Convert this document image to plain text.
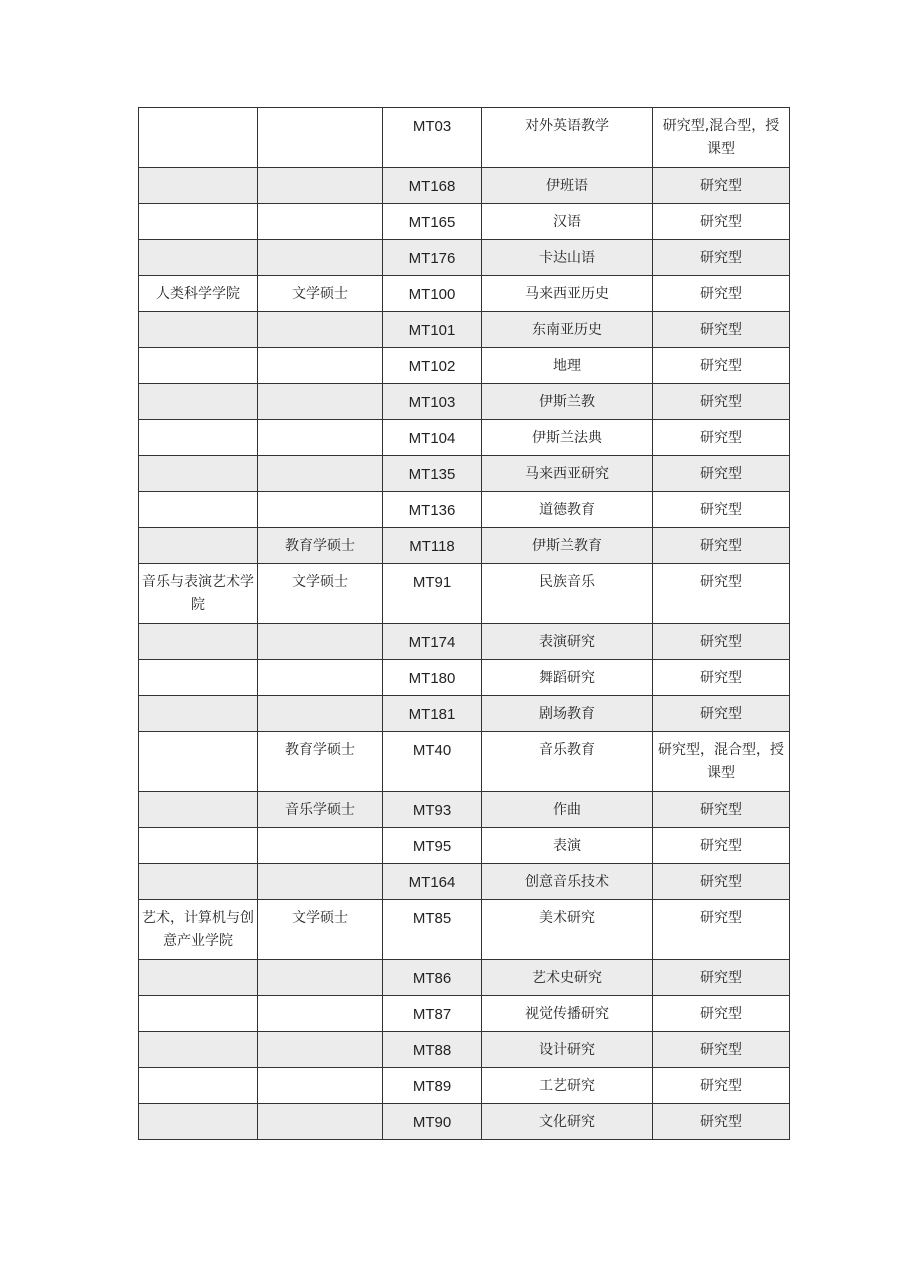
		MT03	对外英语教学	研究型,混合型，授课型
		MT168	伊班语	研究型
		MT165	汉语	研究型
		MT176	卡达山语	研究型
人类科学学院	文学硕士	MT100	马来西亚历史	研究型
		MT101	东南亚历史	研究型
		MT102	地理	研究型
		MT103	伊斯兰教	研究型
		MT104	伊斯兰法典	研究型
		MT135	马来西亚研究	研究型
		MT136	道德教育	研究型
	教育学硕士	MT118	伊斯兰教育	研究型
音乐与表演艺术学院	文学硕士	MT91	民族音乐	研究型
		MT174	表演研究	研究型
		MT180	舞蹈研究	研究型
		MT181	剧场教育	研究型
	教育学硕士	MT40	音乐教育	研究型，混合型，授课型
	音乐学硕士	MT93	作曲	研究型
		MT95	表演	研究型
		MT164	创意音乐技术	研究型
艺术，计算机与创意产业学院	文学硕士	MT85	美术研究	研究型
		MT86	艺术史研究	研究型
		MT87	视觉传播研究	研究型
		MT88	设计研究	研究型
		MT89	工艺研究	研究型
		MT90	文化研究	研究型
